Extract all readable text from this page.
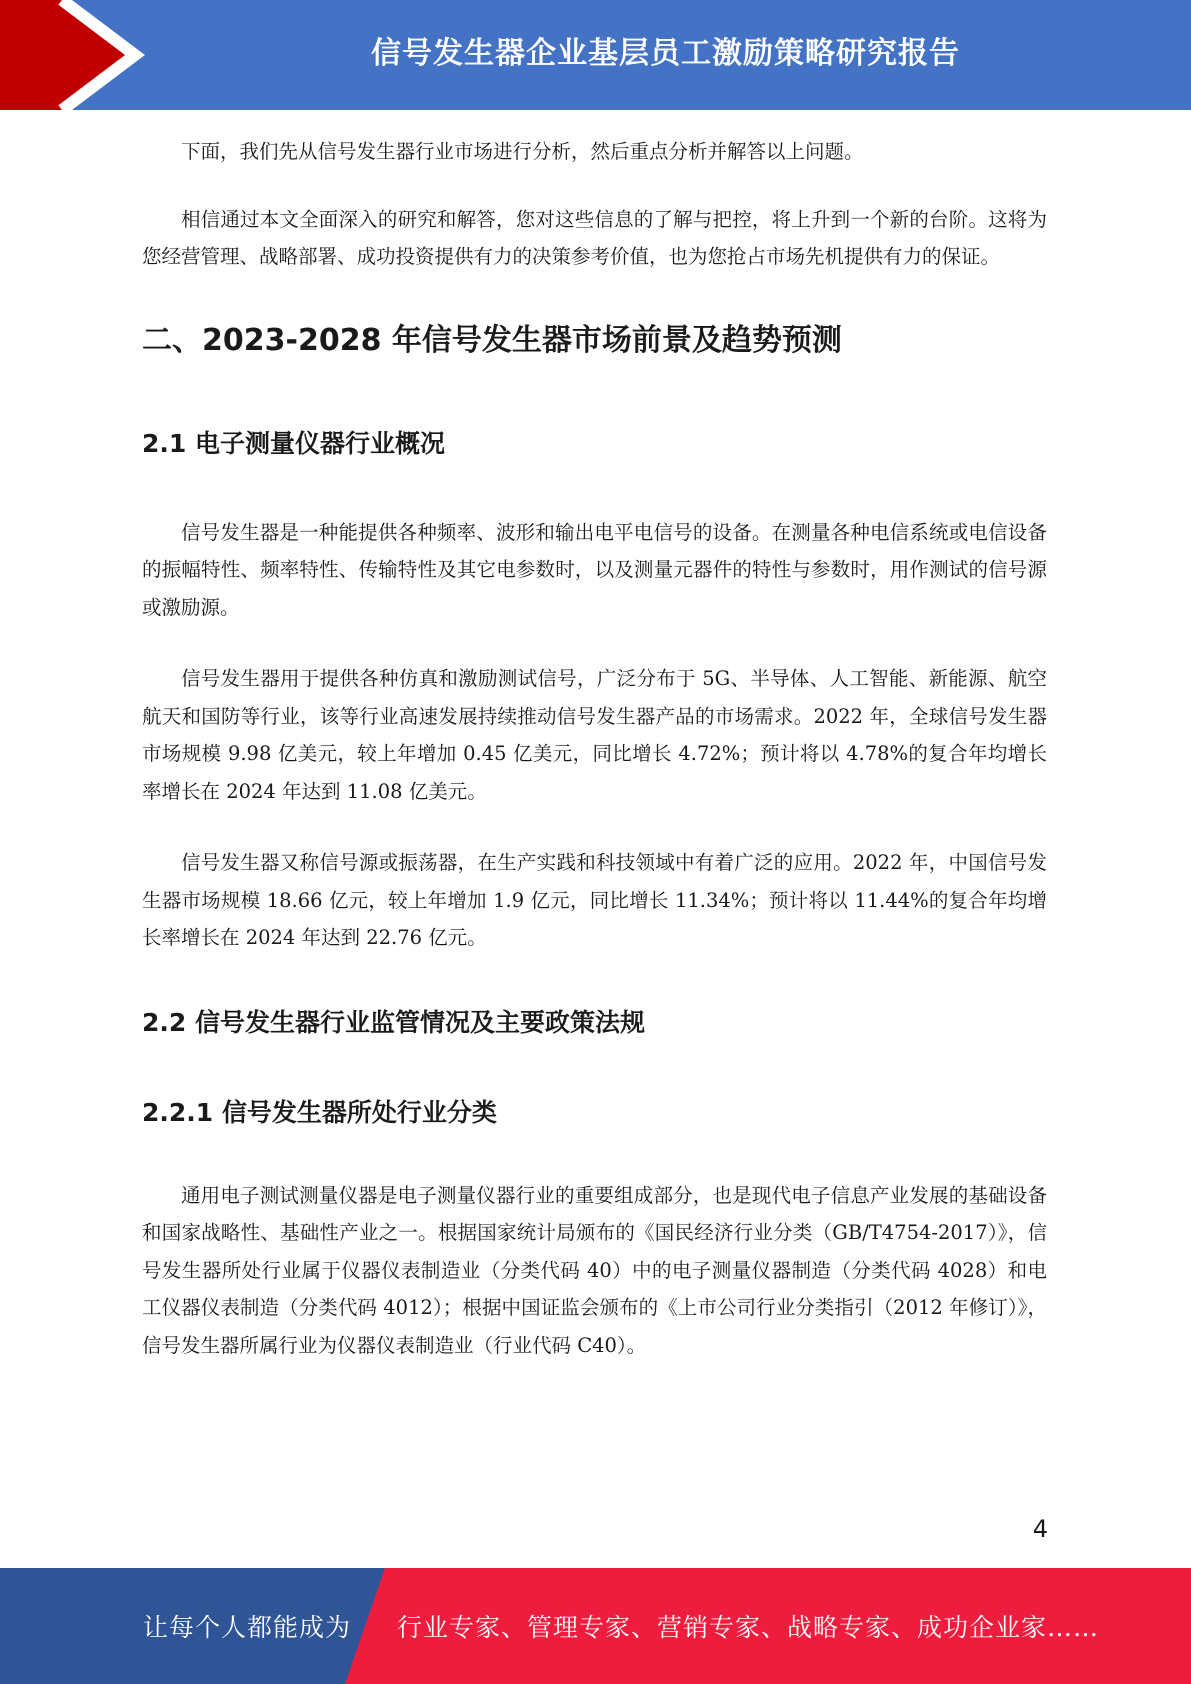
信号发生器企业基层员工激励策略研究报告

下面，我们先从信号发生器行业市场进行分析，然后重点分析并解答以上问题。

相信通过本文全面深入的研究和解答，您对这些信息的了解与把控，将上升到一个新的台阶。这将为您经营管理、战略部署、成功投资提供有力的决策参考价值，也为您抢占市场先机提供有力的保证。

二、2023-2028 年信号发生器市场前景及趋势预测
2.1 电子测量仪器行业概况

信号发生器是一种能提供各种频率、波形和输出电平电信号的设备。在测量各种电信系统或电信设备的振幅特性、频率特性、传输特性及其它电参数时，以及测量元器件的特性与参数时，用作测试的信号源或激励源。

信号发生器用于提供各种仿真和激励测试信号，广泛分布于 5G、半导体、人工智能、新能源、航空航天和国防等行业，该等行业高速发展持续推动信号发生器产品的市场需求。2022 年，全球信号发生器市场规模 9.98 亿美元，较上年增加 0.45 亿美元，同比增长 4.72%；预计将以 4.78%的复合年均增长率增长在 2024 年达到 11.08 亿美元。

信号发生器又称信号源或振荡器，在生产实践和科技领域中有着广泛的应用。2022 年，中国信号发生器市场规模 18.66 亿元，较上年增加 1.9 亿元，同比增长 11.34%；预计将以 11.44%的复合年均增长率增长在 2024 年达到 22.76 亿元。

2.2 信号发生器行业监管情况及主要政策法规
2.2.1 信号发生器所处行业分类

通用电子测试测量仪器是电子测量仪器行业的重要组成部分，也是现代电子信息产业发展的基础设备和国家战略性、基础性产业之一。根据国家统计局颁布的《国民经济行业分类（GB/T4754-2017）》，信号发生器所处行业属于仪器仪表制造业（分类代码 40）中的电子测量仪器制造（分类代码 4028）和电工仪器仪表制造（分类代码 4012）；根据中国证监会颁布的《上市公司行业分类指引（2012 年修订）》，信号发生器所属行业为仪器仪表制造业（行业代码 C40）。

4
让每个人都能成为 行业专家、管理专家、营销专家、战略专家、成功企业家……
